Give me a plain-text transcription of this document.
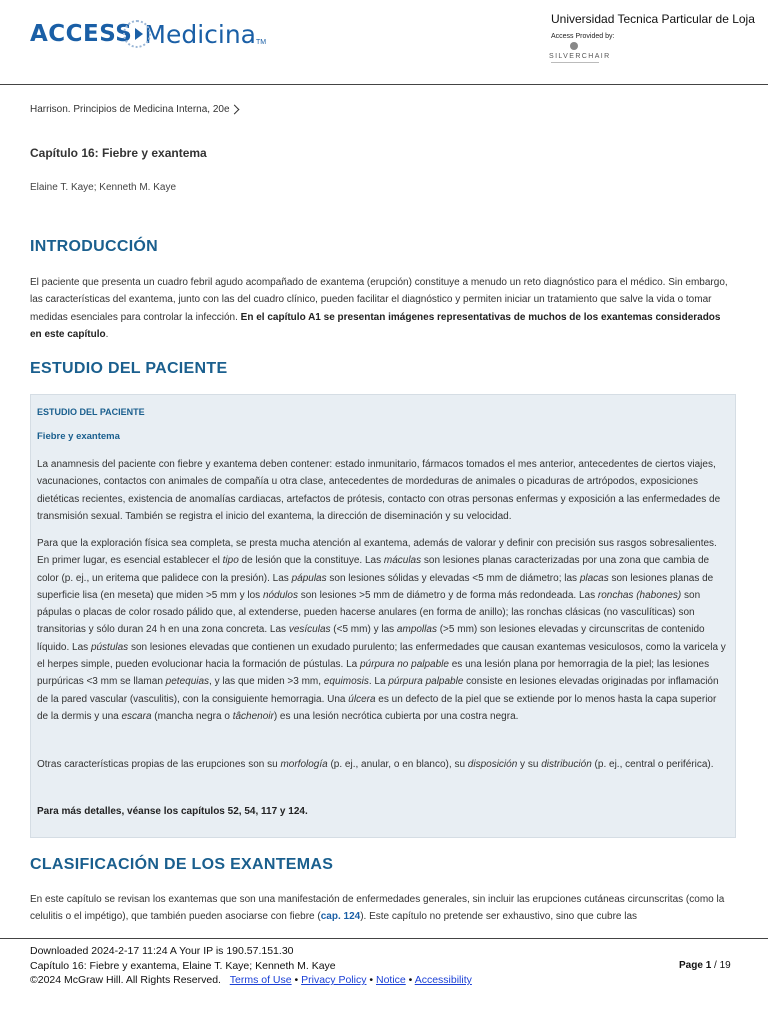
ACCESS Medicina TM
Universidad Tecnica Particular de Loja
Access Provided by:
SILVERCHAIR
Harrison. Principios de Medicina Interna, 20e
Capítulo 16: Fiebre y exantema
Elaine T. Kaye; Kenneth M. Kaye
INTRODUCCIÓN
El paciente que presenta un cuadro febril agudo acompañado de exantema (erupción) constituye a menudo un reto diagnóstico para el médico. Sin embargo, las características del exantema, junto con las del cuadro clínico, pueden facilitar el diagnóstico y permiten iniciar un tratamiento que salve la vida o tomar medidas esenciales para controlar la infección. En el capítulo A1 se presentan imágenes representativas de muchos de los exantemas considerados en este capítulo.
ESTUDIO DEL PACIENTE
ESTUDIO DEL PACIENTE
Fiebre y exantema
La anamnesis del paciente con fiebre y exantema deben contener: estado inmunitario, fármacos tomados el mes anterior, antecedentes de ciertos viajes, vacunaciones, contactos con animales de compañía u otra clase, antecedentes de mordeduras de animales o picaduras de artrópodos, exposiciones dietéticas recientes, existencia de anomalías cardiacas, artefactos de prótesis, contacto con otras personas enfermas y exposición a las enfermedades de transmisión sexual. También se registra el inicio del exantema, la dirección de diseminación y su velocidad.
Para que la exploración física sea completa, se presta mucha atención al exantema, además de valorar y definir con precisión sus rasgos sobresalientes. En primer lugar, es esencial establecer el tipo de lesión que la constituye. Las máculas son lesiones planas caracterizadas por una zona que cambia de color (p. ej., un eritema que palidece con la presión). Las pápulas son lesiones sólidas y elevadas <5 mm de diámetro; las placas son lesiones planas de superficie lisa (en meseta) que miden >5 mm y los nódulos son lesiones >5 mm de diámetro y de forma más redondeada. Las ronchas (habones) son pápulas o placas de color rosado pálido que, al extenderse, pueden hacerse anulares (en forma de anillo); las ronchas clásicas (no vasculíticas) son transitorias y sólo duran 24 h en una zona concreta. Las vesículas (<5 mm) y las ampollas (>5 mm) son lesiones elevadas y circunscritas de contenido líquido. Las pústulas son lesiones elevadas que contienen un exudado purulento; las enfermedades que causan exantemas vesiculosos, como la varicela y el herpes simple, pueden evolucionar hacia la formación de pústulas. La púrpura no palpable es una lesión plana por hemorragia de la piel; las lesiones purpúricas <3 mm se llaman petequias, y las que miden >3 mm, equimosis. La púrpura palpable consiste en lesiones elevadas originadas por inflamación de la pared vascular (vasculitis), con la consiguiente hemorragia. Una úlcera es un defecto de la piel que se extiende por lo menos hasta la capa superior de la dermis y una escara (mancha negra o tâchenoir) es una lesión necrótica cubierta por una costra negra.
Otras características propias de las erupciones son su morfología (p. ej., anular, o en blanco), su disposición y su distribución (p. ej., central o periférica).
Para más detalles, véanse los capítulos 52, 54, 117 y 124.
CLASIFICACIÓN DE LOS EXANTEMAS
En este capítulo se revisan los exantemas que son una manifestación de enfermedades generales, sin incluir las erupciones cutáneas circunscritas (como la celulitis o el impétigo), que también pueden asociarse con fiebre (cap. 124). Este capítulo no pretende ser exhaustivo, sino que cubre las
Downloaded 2024-2-17 11:24 A Your IP is 190.57.151.30
Capítulo 16: Fiebre y exantema, Elaine T. Kaye; Kenneth M. Kaye
©2024 McGraw Hill. All Rights Reserved. Terms of Use • Privacy Policy • Notice • Accessibility
Page 1 / 19
